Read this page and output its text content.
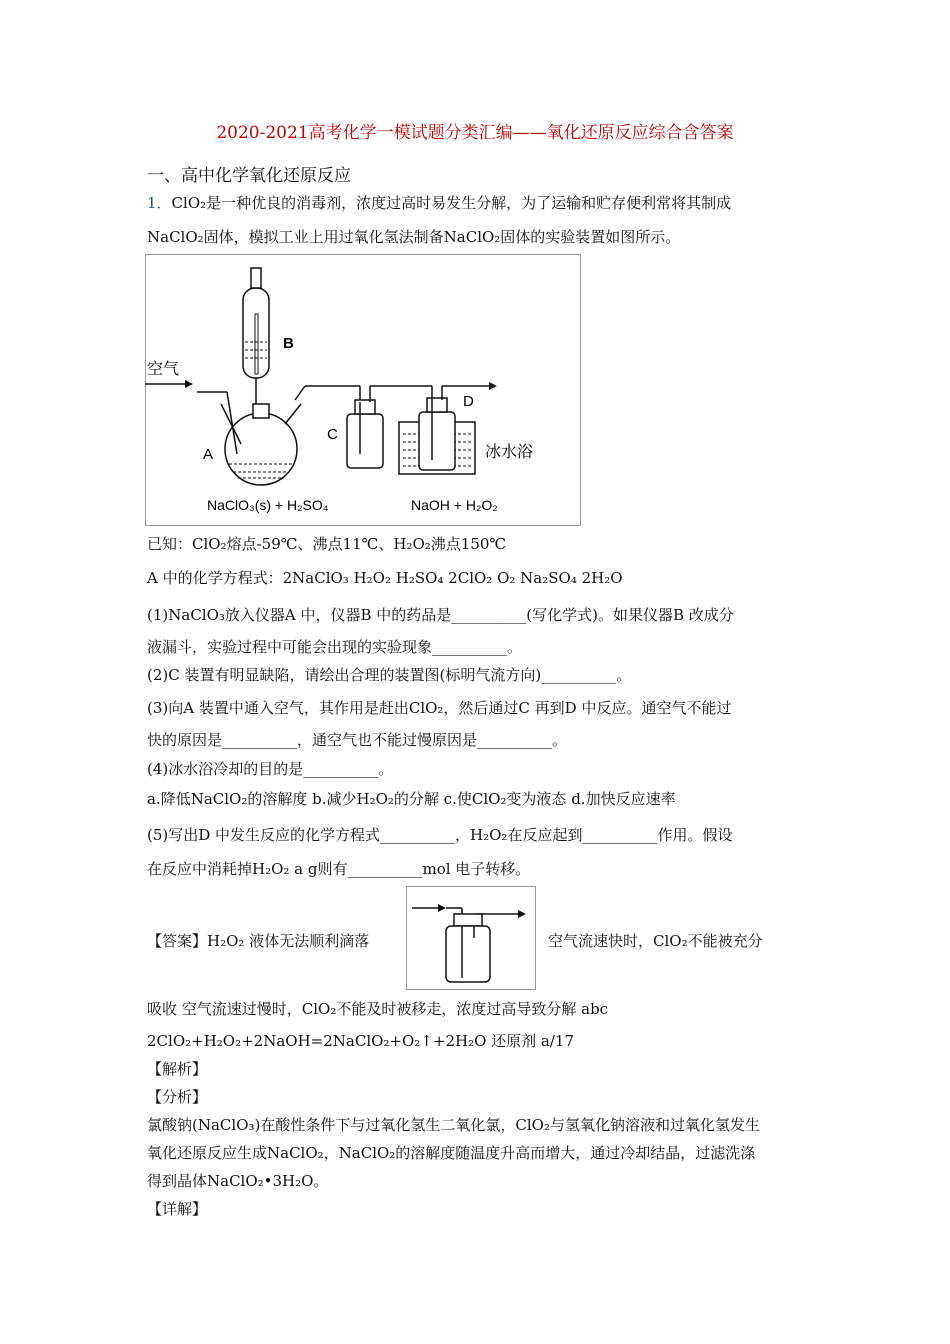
2020-2021高考化学一模试题分类汇编——氧化还原反应综合含答案
一、高中化学氧化还原反应
1．ClO₂是一种优良的消毒剂，浓度过高时易发生分解，为了运输和贮存便利常将其制成
NaClO₂固体，模拟工业上用过氧化氢法制备NaClO₂固体的实验装置如图所示。
B
空气
A
C
D
冰水浴
NaClO₃(s) + H₂SO₄	NaOH + H₂O₂
已知：ClO₂熔点-59℃、沸点11℃、H₂O₂沸点150℃
A 中的化学方程式：2NaClO₃ H₂O₂ H₂SO₄ 2ClO₂ O₂ Na₂SO₄ 2H₂O
(1)NaClO₃放入仪器A 中，仪器B 中的药品是__________(写化学式)。如果仪器B 改成分
液漏斗，实验过程中可能会出现的实验现象__________。
(2)C 装置有明显缺陷，请绘出合理的装置图(标明气流方向)__________。
(3)向A 装置中通入空气，其作用是赶出ClO₂，然后通过C 再到D 中反应。通空气不能过
快的原因是__________，通空气也不能过慢原因是__________。
(4)冰水浴冷却的目的是__________。
a.降低NaClO₂的溶解度 b.减少H₂O₂的分解 c.使ClO₂变为液态 d.加快反应速率
(5)写出D 中发生反应的化学方程式__________，H₂O₂在反应起到__________作用。假设
在反应中消耗掉H₂O₂ a g则有__________mol 电子转移。
【答案】H₂O₂ 液体无法顺利滴落	空气流速快时，ClO₂不能被充分
吸收 空气流速过慢时，ClO₂不能及时被移走，浓度过高导致分解 abc
2ClO₂+H₂O₂+2NaOH=2NaClO₂+O₂↑+2H₂O 还原剂 a/17
【解析】
【分析】
氯酸钠(NaClO₃)在酸性条件下与过氧化氢生二氧化氯，ClO₂与氢氧化钠溶液和过氧化氢发生
氧化还原反应生成NaClO₂，NaClO₂的溶解度随温度升高而增大，通过冷却结晶，过滤洗涤
得到晶体NaClO₂•3H₂O。
【详解】
